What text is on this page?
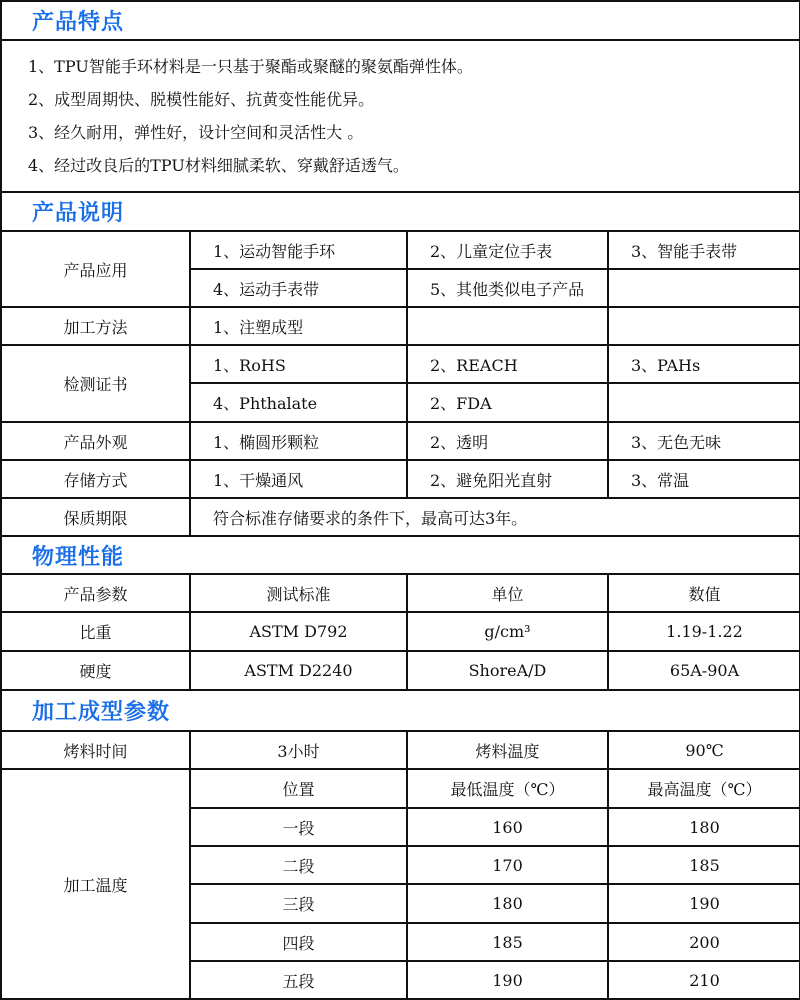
产品特点			

1、TPU智能手环材料是一只基于聚酯或聚醚的聚氨酯弹性体。
2、成型周期快、脱模性能好、抗黄变性能优异。
3、经久耐用，弹性好，设计空间和灵活性大 。
4、经过改良后的TPU材料细腻柔软、穿戴舒适透气。			

产品说明			
产品应用	1、运动智能手环	2、儿童定位手表	3、智能手表带
	4、运动手表带	5、其他类似电子产品	
加工方法	1、注塑成型		
检测证书	1、RoHS	2、REACH	3、PAHs
	4、Phthalate	2、FDA	
产品外观	1、椭圆形颗粒	2、透明	3、无色无味
存储方式	1、干燥通风	2、避免阳光直射	3、常温
保质期限	符合标准存储要求的条件下，最高可达3年。		
物理性能			
产品参数	测试标准	单位	数值
比重	ASTM D792	g/cm³	1.19-1.22
硬度	ASTM D2240	ShoreA/D	65A-90A
加工成型参数			
烤料时间	3小时	烤料温度	90℃
加工温度	位置	最低温度（℃）	最高温度（℃）
	一段	160	180
	二段	170	185
	三段	180	190
	四段	185	200
	五段	190	210
